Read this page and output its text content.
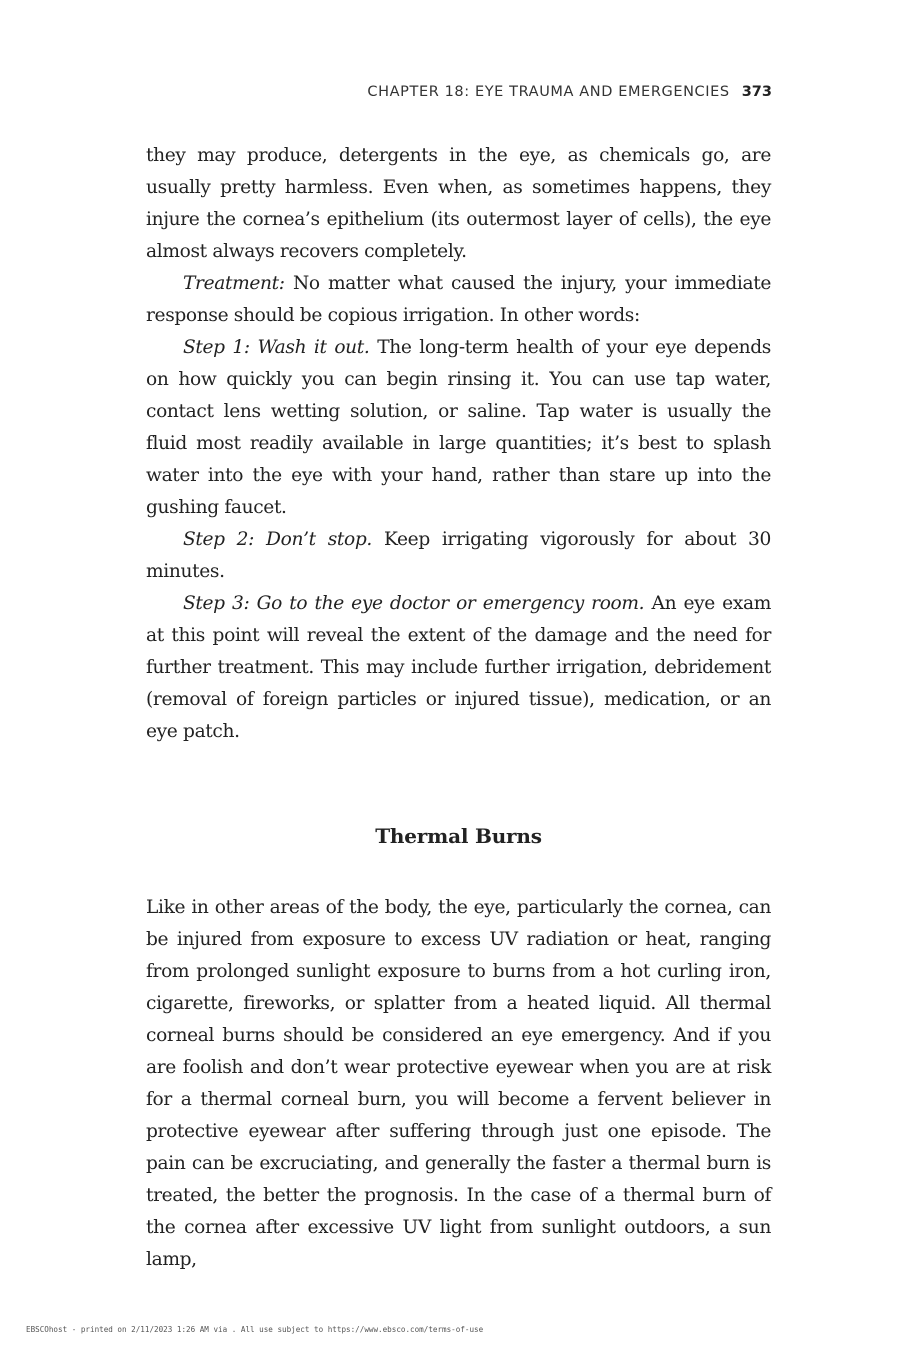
CHAPTER 18: EYE TRAUMA AND EMERGENCIES 373

they may produce, detergents in the eye, as chemicals go, are usually pretty harmless. Even when, as sometimes happens, they injure the cornea’s epithelium (its outermost layer of cells), the eye almost always recovers completely.

Treatment: No matter what caused the injury, your immediate response should be copious irrigation. In other words:

Step 1: Wash it out. The long-term health of your eye depends on how quickly you can begin rinsing it. You can use tap water, contact lens wetting solution, or saline. Tap water is usually the fluid most readily available in large quantities; it’s best to splash water into the eye with your hand, rather than stare up into the gushing faucet.

Step 2: Don’t stop. Keep irrigating vigorously for about 30 minutes.

Step 3: Go to the eye doctor or emergency room. An eye exam at this point will reveal the extent of the damage and the need for further treatment. This may include further irrigation, debridement (removal of foreign particles or injured tissue), medication, or an eye patch.

Thermal Burns

Like in other areas of the body, the eye, particularly the cornea, can be injured from exposure to excess UV radiation or heat, ranging from prolonged sunlight exposure to burns from a hot curling iron, cigarette, fireworks, or splatter from a heated liquid. All thermal corneal burns should be considered an eye emergency. And if you are foolish and don’t wear protective eyewear when you are at risk for a thermal corneal burn, you will become a fervent believer in protective eyewear after suffering through just one episode. The pain can be excruciating, and generally the faster a thermal burn is treated, the better the prognosis. In the case of a thermal burn of the cornea after excessive UV light from sunlight outdoors, a sun lamp,

EBSCOhost - printed on 2/11/2023 1:26 AM via . All use subject to https://www.ebsco.com/terms-of-use
